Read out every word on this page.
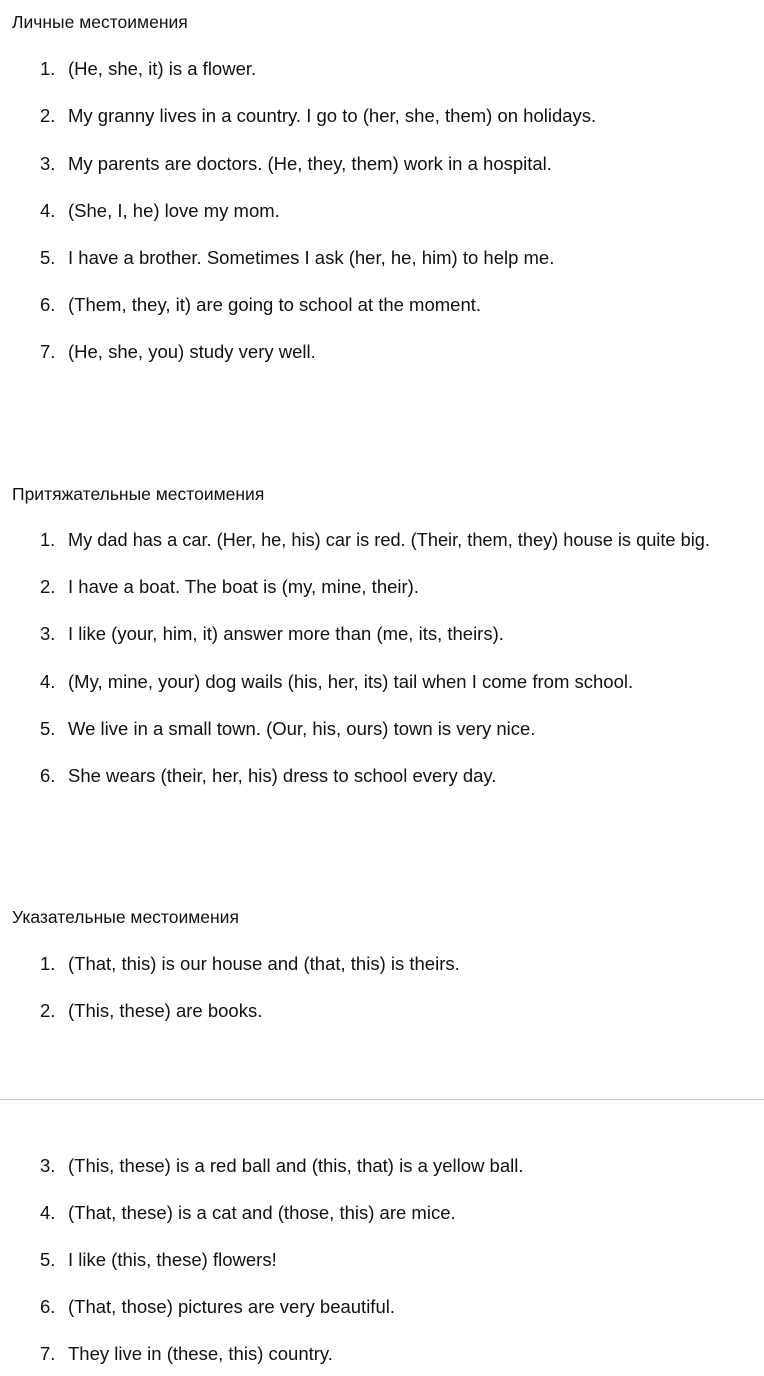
Личные местоимения
1. (He, she, it) is a flower.
2. My granny lives in a country. I go to (her, she, them) on holidays.
3. My parents are doctors. (He, they, them) work in a hospital.
4. (She, I, he) love my mom.
5. I have a brother. Sometimes I ask (her, he, him) to help me.
6. (Them, they, it) are going to school at the moment.
7. (He, she, you) study very well.
Притяжательные местоимения
1. My dad has a car. (Her, he, his) car is red. (Their, them, they) house is quite big.
2. I have a boat. The boat is (my, mine, their).
3. I like (your, him, it) answer more than (me, its, theirs).
4. (My, mine, your) dog wails (his, her, its) tail when I come from school.
5. We live in a small town. (Our, his, ours) town is very nice.
6. She wears (their, her, his) dress to school every day.
Указательные местоимения
1. (That, this) is our house and (that, this) is theirs.
2. (This, these) are books.
3. (This, these) is a red ball and (this, that) is a yellow ball.
4. (That, these) is a cat and (those, this) are mice.
5. I like (this, these) flowers!
6. (That, those) pictures are very beautiful.
7. They live in (these, this) country.
